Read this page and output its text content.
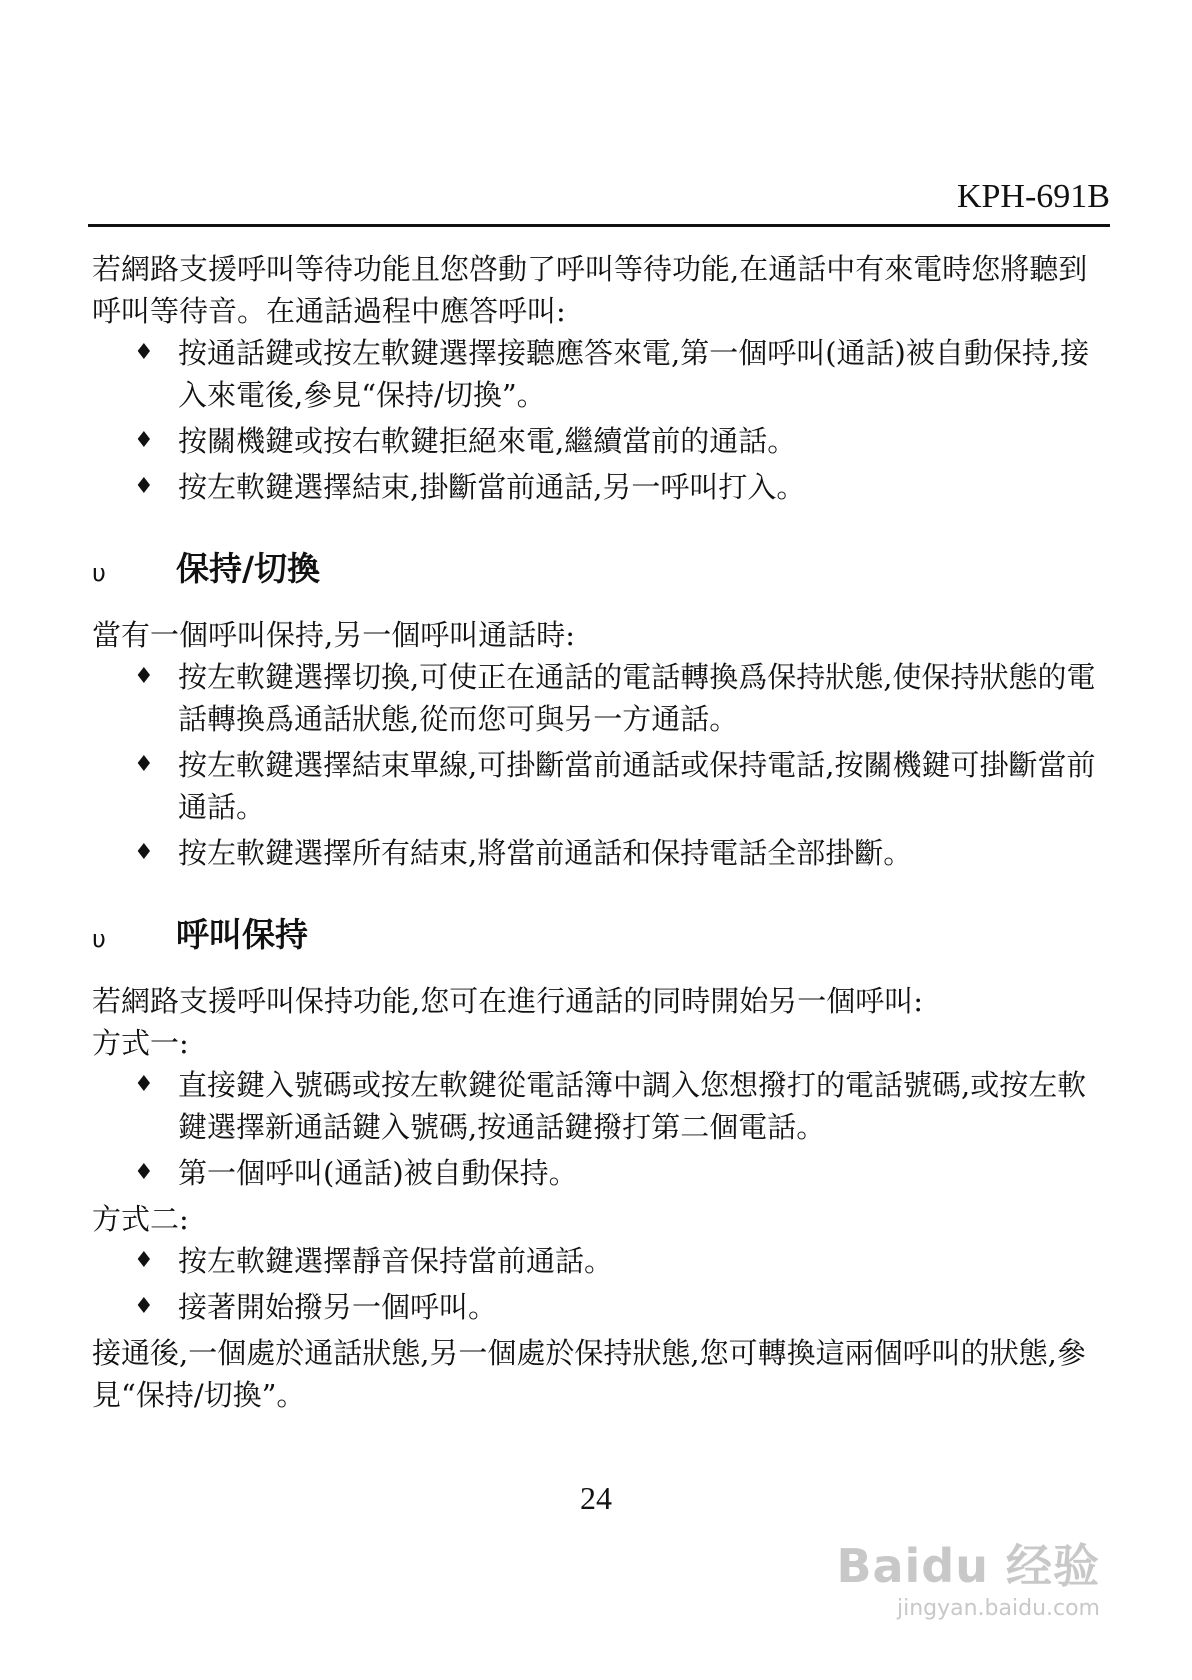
KPH-691B

若網路支援呼叫等待功能且您啓動了呼叫等待功能,在通話中有來電時您將聽到呼叫等待音。在通話過程中應答呼叫:

♦ 按通話鍵或按左軟鍵選擇接聽應答來電,第一個呼叫(通話)被自動保持,接入來電後,參見“保持/切換”。
♦ 按關機鍵或按右軟鍵拒絕來電,繼續當前的通話。
♦ 按左軟鍵選擇結束,掛斷當前通話,另一呼叫打入。
υ 保持/切換

當有一個呼叫保持,另一個呼叫通話時:

♦ 按左軟鍵選擇切換,可使正在通話的電話轉換爲保持狀態,使保持狀態的電話轉換爲通話狀態,從而您可與另一方通話。
♦ 按左軟鍵選擇結束單線,可掛斷當前通話或保持電話,按關機鍵可掛斷當前通話。
♦ 按左軟鍵選擇所有結束,將當前通話和保持電話全部掛斷。
υ 呼叫保持

若網路支援呼叫保持功能,您可在進行通話的同時開始另一個呼叫:

方式一:

♦ 直接鍵入號碼或按左軟鍵從電話簿中調入您想撥打的電話號碼,或按左軟鍵選擇新通話鍵入號碼,按通話鍵撥打第二個電話。
♦ 第一個呼叫(通話)被自動保持。

方式二:

♦ 按左軟鍵選擇靜音保持當前通話。
♦ 接著開始撥另一個呼叫。

接通後,一個處於通話狀態,另一個處於保持狀態,您可轉換這兩個呼叫的狀態,參見“保持/切換”。

24
Baidu 经验
jingyan.baidu.com
